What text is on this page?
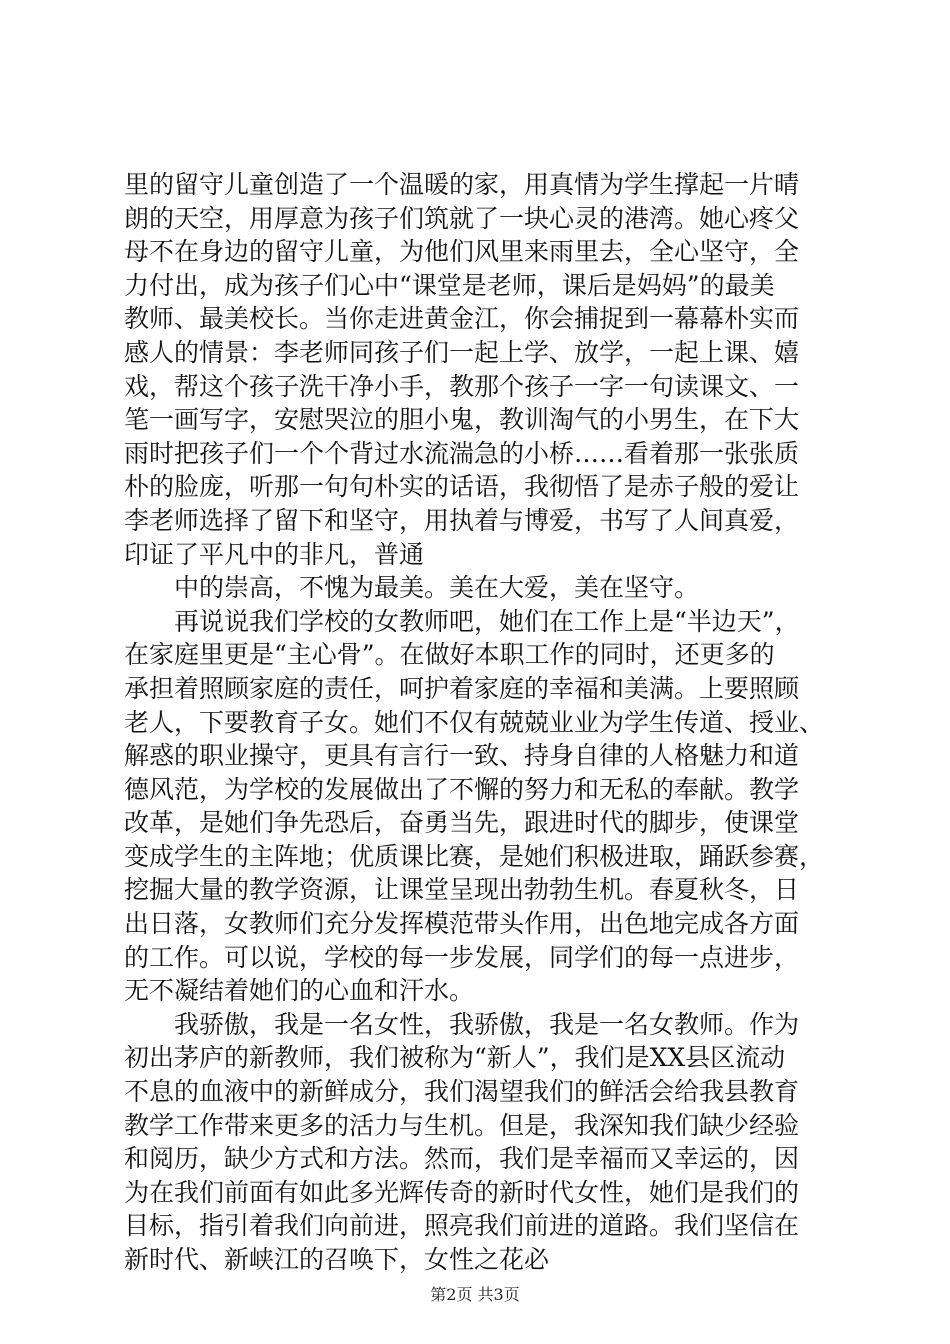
里的留守儿童创造了一个温暖的家，用真情为学生撑起一片晴
朗的天空，用厚意为孩子们筑就了一块心灵的港湾。她心疼父
母不在身边的留守儿童，为他们风里来雨里去，全心坚守，全
力付出，成为孩子们心中“课堂是老师，课后是妈妈”的最美
教师、最美校长。当你走进黄金江，你会捕捉到一幕幕朴实而
感人的情景：李老师同孩子们一起上学、放学，一起上课、嬉
戏，帮这个孩子洗干净小手，教那个孩子一字一句读课文、一
笔一画写字，安慰哭泣的胆小鬼，教训淘气的小男生，在下大
雨时把孩子们一个个背过水流湍急的小桥……看着那一张张质
朴的脸庞，听那一句句朴实的话语，我彻悟了是赤子般的爱让
李老师选择了留下和坚守，用执着与博爱，书写了人间真爱，
印证了平凡中的非凡，普通
中的崇高，不愧为最美。美在大爱，美在坚守。
再说说我们学校的女教师吧，她们在工作上是“半边天”，
在家庭里更是“主心骨”。在做好本职工作的同时，还更多的
承担着照顾家庭的责任，呵护着家庭的幸福和美满。上要照顾
老人，下要教育子女。她们不仅有兢兢业业为学生传道、授业、
解惑的职业操守，更具有言行一致、持身自律的人格魅力和道
德风范，为学校的发展做出了不懈的努力和无私的奉献。教学
改革，是她们争先恐后，奋勇当先，跟进时代的脚步，使课堂
变成学生的主阵地；优质课比赛，是她们积极进取，踊跃参赛，
挖掘大量的教学资源，让课堂呈现出勃勃生机。春夏秋冬，日
出日落，女教师们充分发挥模范带头作用，出色地完成各方面
的工作。可以说，学校的每一步发展，同学们的每一点进步，
无不凝结着她们的心血和汗水。
我骄傲，我是一名女性，我骄傲，我是一名女教师。作为
初出茅庐的新教师，我们被称为“新人”，我们是XX县区流动
不息的血液中的新鲜成分，我们渴望我们的鲜活会给我县教育
教学工作带来更多的活力与生机。但是，我深知我们缺少经验
和阅历，缺少方式和方法。然而，我们是幸福而又幸运的，因
为在我们前面有如此多光辉传奇的新时代女性，她们是我们的
目标，指引着我们向前进，照亮我们前进的道路。我们坚信在
新时代、新峡江的召唤下，女性之花必
第2页 共3页
